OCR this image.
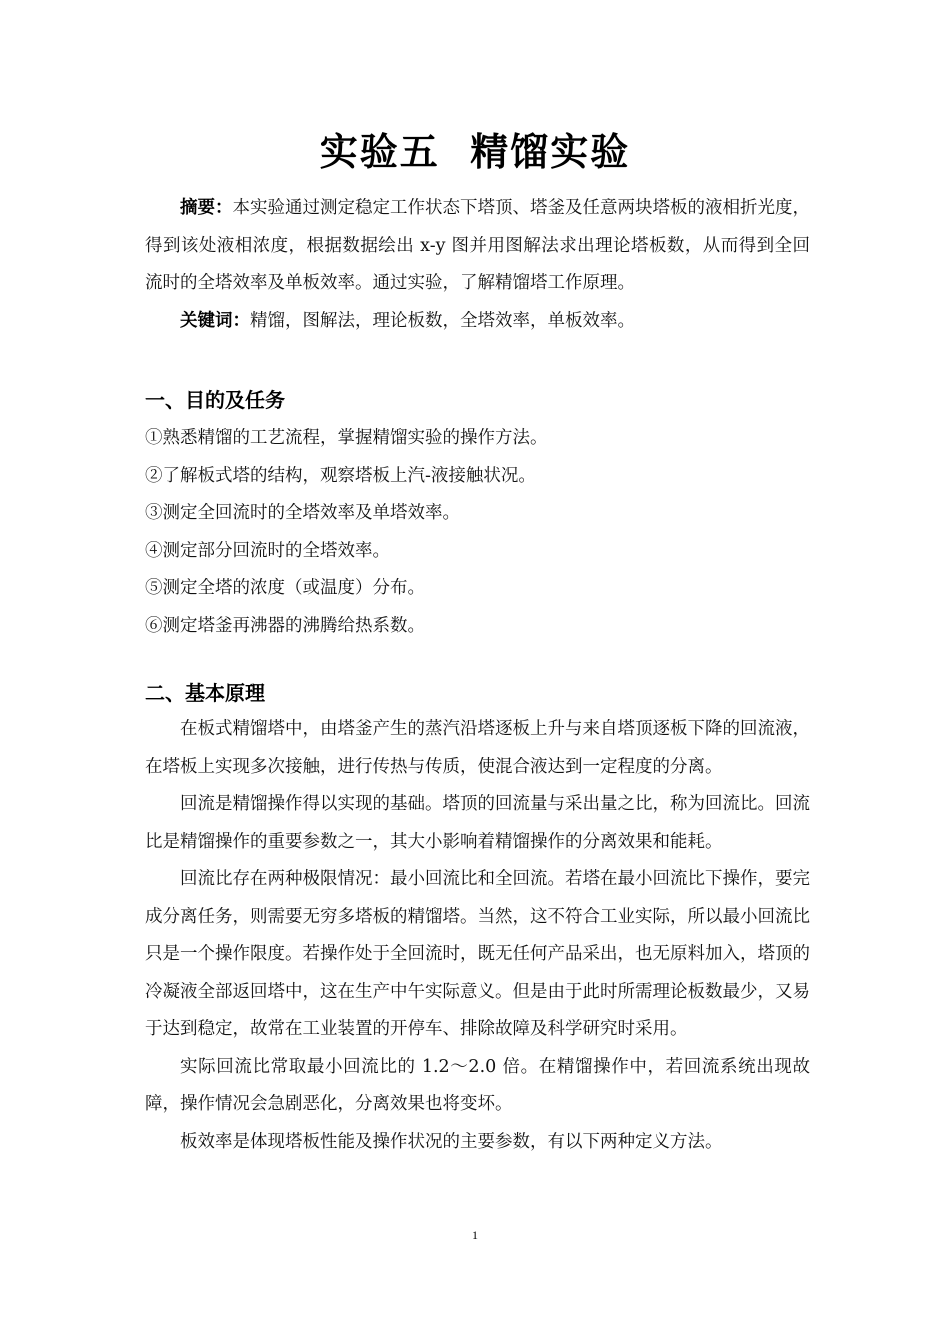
实验五  精馏实验

摘要：本实验通过测定稳定工作状态下塔顶、塔釜及任意两块塔板的液相折光度，得到该处液相浓度，根据数据绘出 x-y 图并用图解法求出理论塔板数，从而得到全回流时的全塔效率及单板效率。通过实验，了解精馏塔工作原理。

关键词：精馏，图解法，理论板数，全塔效率，单板效率。

一、目的及任务

①熟悉精馏的工艺流程，掌握精馏实验的操作方法。

②了解板式塔的结构，观察塔板上汽-液接触状况。

③测定全回流时的全塔效率及单塔效率。

④测定部分回流时的全塔效率。

⑤测定全塔的浓度（或温度）分布。

⑥测定塔釜再沸器的沸腾给热系数。

二、基本原理

在板式精馏塔中，由塔釜产生的蒸汽沿塔逐板上升与来自塔顶逐板下降的回流液，在塔板上实现多次接触，进行传热与传质，使混合液达到一定程度的分离。

回流是精馏操作得以实现的基础。塔顶的回流量与采出量之比，称为回流比。回流比是精馏操作的重要参数之一，其大小影响着精馏操作的分离效果和能耗。

回流比存在两种极限情况：最小回流比和全回流。若塔在最小回流比下操作，要完成分离任务，则需要无穷多塔板的精馏塔。当然，这不符合工业实际，所以最小回流比只是一个操作限度。若操作处于全回流时，既无任何产品采出，也无原料加入，塔顶的冷凝液全部返回塔中，这在生产中午实际意义。但是由于此时所需理论板数最少，又易于达到稳定，故常在工业装置的开停车、排除故障及科学研究时采用。

实际回流比常取最小回流比的 1.2～2.0 倍。在精馏操作中，若回流系统出现故障，操作情况会急剧恶化，分离效果也将变坏。

板效率是体现塔板性能及操作状况的主要参数，有以下两种定义方法。

1
